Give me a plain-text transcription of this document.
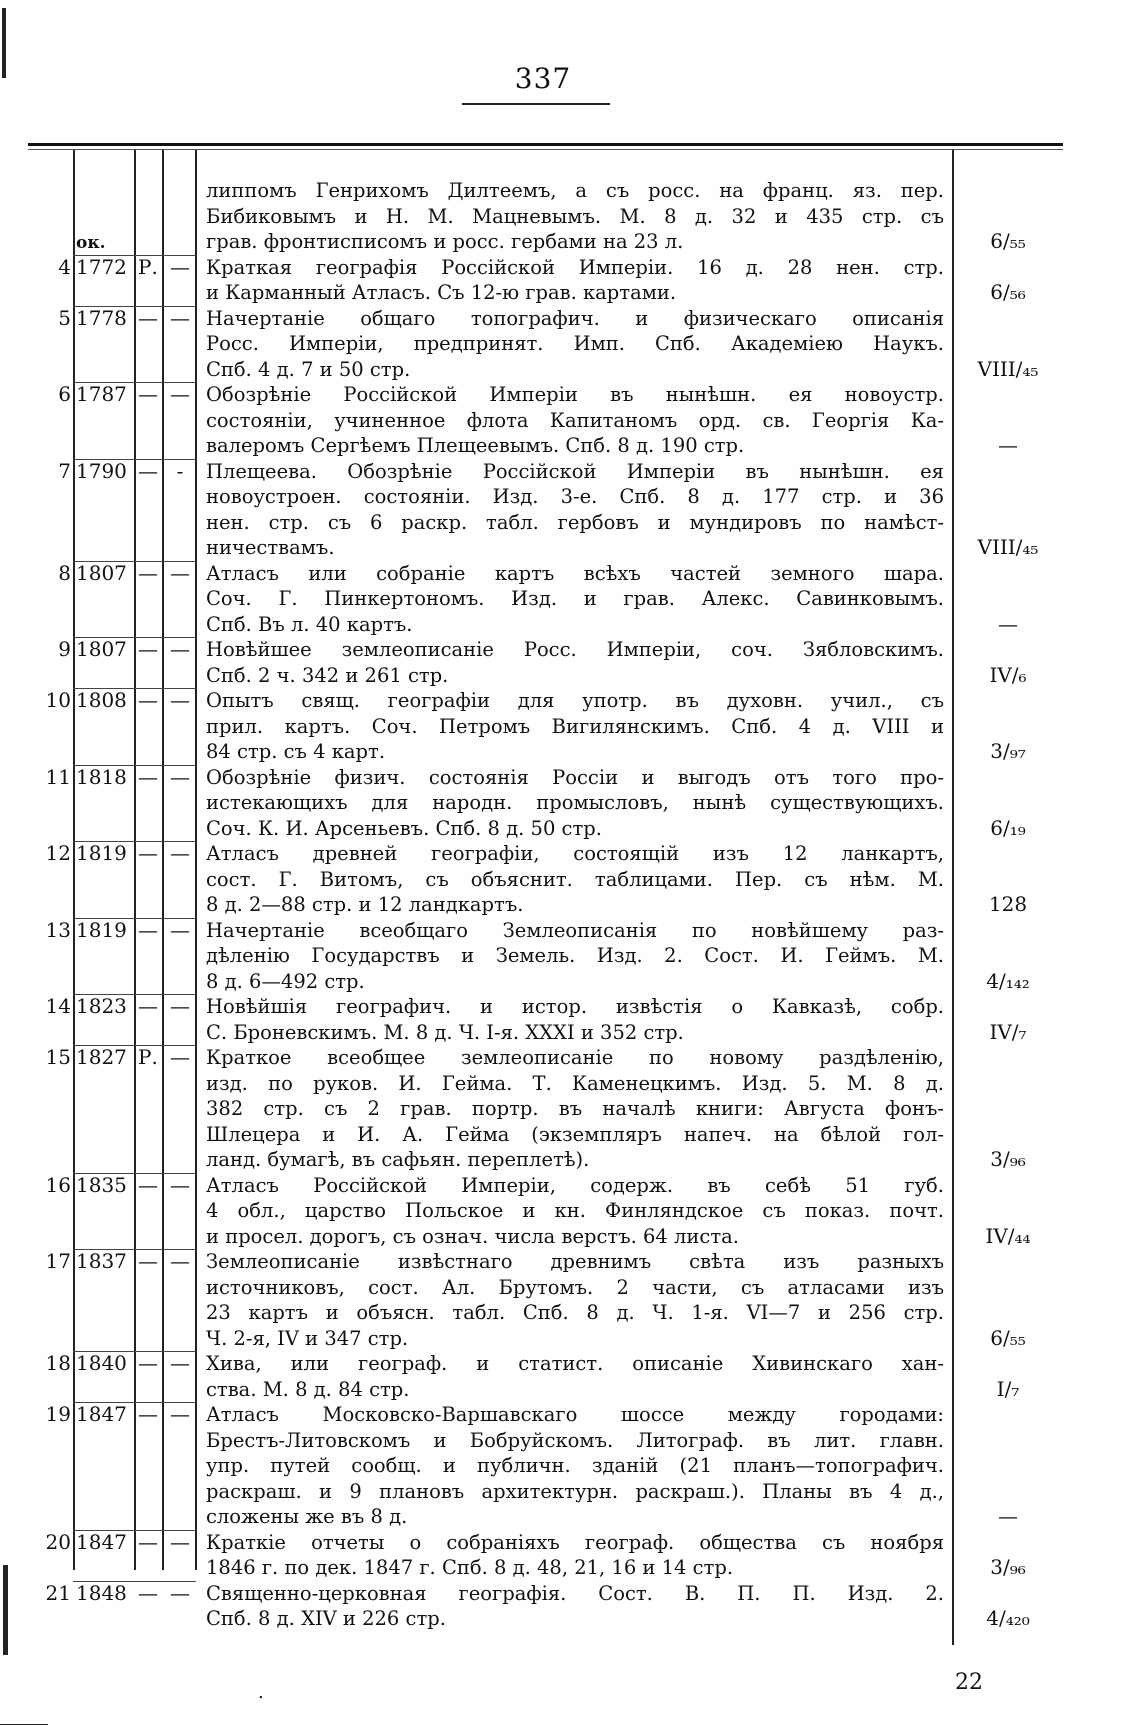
337
6/₅₅
липпомъ Генрихомъ Дилтеемъ, а съ росс. на франц. яз. пер.
Бибиковымъ и Н. М. Мацневымъ. М. 8 д. 32 и 435 стр. съ
грав. фронтисписомъ и росс. гербами на 23 л.
4 1772 Р. —
ок.
6/₅₆
Краткая географія Россійской Имперіи. 16 д. 28 нен. стр.
и Карманный Атласъ. Съ 12-ю грав. картами.
5 1778 — —
VIII/₄₅
Начертаніе общаго топографич. и физическаго описанія
Росс. Имперіи, предпринят. Имп. Спб. Академіею Наукъ.
Спб. 4 д. 7 и 50 стр.
6 1787 — —
—
Обозрѣніе Россійской Имперіи въ нынѣшн. ея новоустр.
состояніи, учиненное флота Капитаномъ орд. св. Георгія Ка-
валеромъ Сергѣемъ Плещеевымъ. Спб. 8 д. 190 стр.
7 1790 — -
VIII/₄₅
Плещеева. Обозрѣніе Россійской Имперіи въ нынѣшн. ея
новоустроен. состояніи. Изд. 3-е. Спб. 8 д. 177 стр. и 36
нен. стр. съ 6 раскр. табл. гербовъ и мундировъ по намѣст-
ничествамъ.
8 1807 — —
—
Атласъ или собраніе картъ всѣхъ частей земного шара.
Соч. Г. Пинкертономъ. Изд. и грав. Алекс. Савинковымъ.
Спб. Въ л. 40 картъ.
9 1807 — —
IV/₆
Новѣйшее землеописаніе Росс. Имперіи, соч. Зябловскимъ.
Спб. 2 ч. 342 и 261 стр.
10 1808 — —
3/₉₇
Опытъ свящ. географіи для употр. въ духовн. учил., съ
прил. картъ. Соч. Петромъ Вигилянскимъ. Спб. 4 д. VIII и
84 стр. съ 4 карт.
11 1818 — —
6/₁₉
Обозрѣніе физич. состоянія Россіи и выгодъ отъ того про-
истекающихъ для народн. промысловъ, нынѣ существующихъ.
Соч. К. И. Арсеньевъ. Спб. 8 д. 50 стр.
12 1819 — —
128
Атласъ древней географіи, состоящій изъ 12 ланкартъ,
сост. Г. Витомъ, съ объяснит. таблицами. Пер. съ нѣм. М.
8 д. 2—88 стр. и 12 ландкартъ.
13 1819 — —
4/₁₄₂
Начертаніе всеобщаго Землеописанія по новѣйшему раз-
дѣленію Государствъ и Земель. Изд. 2. Сост. И. Геймъ. М.
8 д. 6—492 стр.
14 1823 — —
IV/₇
Новѣйшія географич. и истор. извѣстія о Кавказѣ, собр.
С. Броневскимъ. М. 8 д. Ч. I-я. XXXI и 352 стр.
15 1827 Р. —
3/₉₆
Краткое всеобщее землеописаніе по новому раздѣленію,
изд. по руков. И. Гейма. Т. Каменецкимъ. Изд. 5. М. 8 д.
382 стр. съ 2 грав. портр. въ началѣ книги: Августа фонъ-
Шлецера и И. А. Гейма (экземпляръ напеч. на бѣлой гол-
ланд. бумагѣ, въ сафьян. переплетѣ).
16 1835 — —
IV/₄₄
Атласъ Россійской Имперіи, содерж. въ себѣ 51 губ.
4 обл., царство Польское и кн. Финляндское съ показ. почт.
и просел. дорогъ, съ означ. числа верстъ. 64 листа.
17 1837 — —
6/₅₅
Землеописаніе извѣстнаго древнимъ свѣта изъ разныхъ
источниковъ, сост. Ал. Брутомъ. 2 части, съ атласами изъ
23 картъ и объясн. табл. Спб. 8 д. Ч. 1-я. VI—7 и 256 стр.
Ч. 2-я, IV и 347 стр.
18 1840 — —
I/₇
Хива, или географ. и статист. описаніе Хивинскаго хан-
ства. М. 8 д. 84 стр.
19 1847 — —
—
Атласъ Московско-Варшавскаго шоссе между городами:
Брестъ-Литовскомъ и Бобруйскомъ. Литограф. въ лит. главн.
упр. путей сообщ. и публичн. зданій (21 планъ—топографич.
раскраш. и 9 плановъ архитектурн. раскраш.). Планы въ 4 д.,
сложены же въ 8 д.
20 1847 — —
3/₉₆
Краткіе отчеты о собраніяхъ географ. общества съ ноября
1846 г. по дек. 1847 г. Спб. 8 д. 48, 21, 16 и 14 стр.
21 1848 — —
4/₄₂₀
Священно-церковная географія. Сост. В. П. П. Изд. 2.
Спб. 8 д. XIV и 226 стр.
.	22
